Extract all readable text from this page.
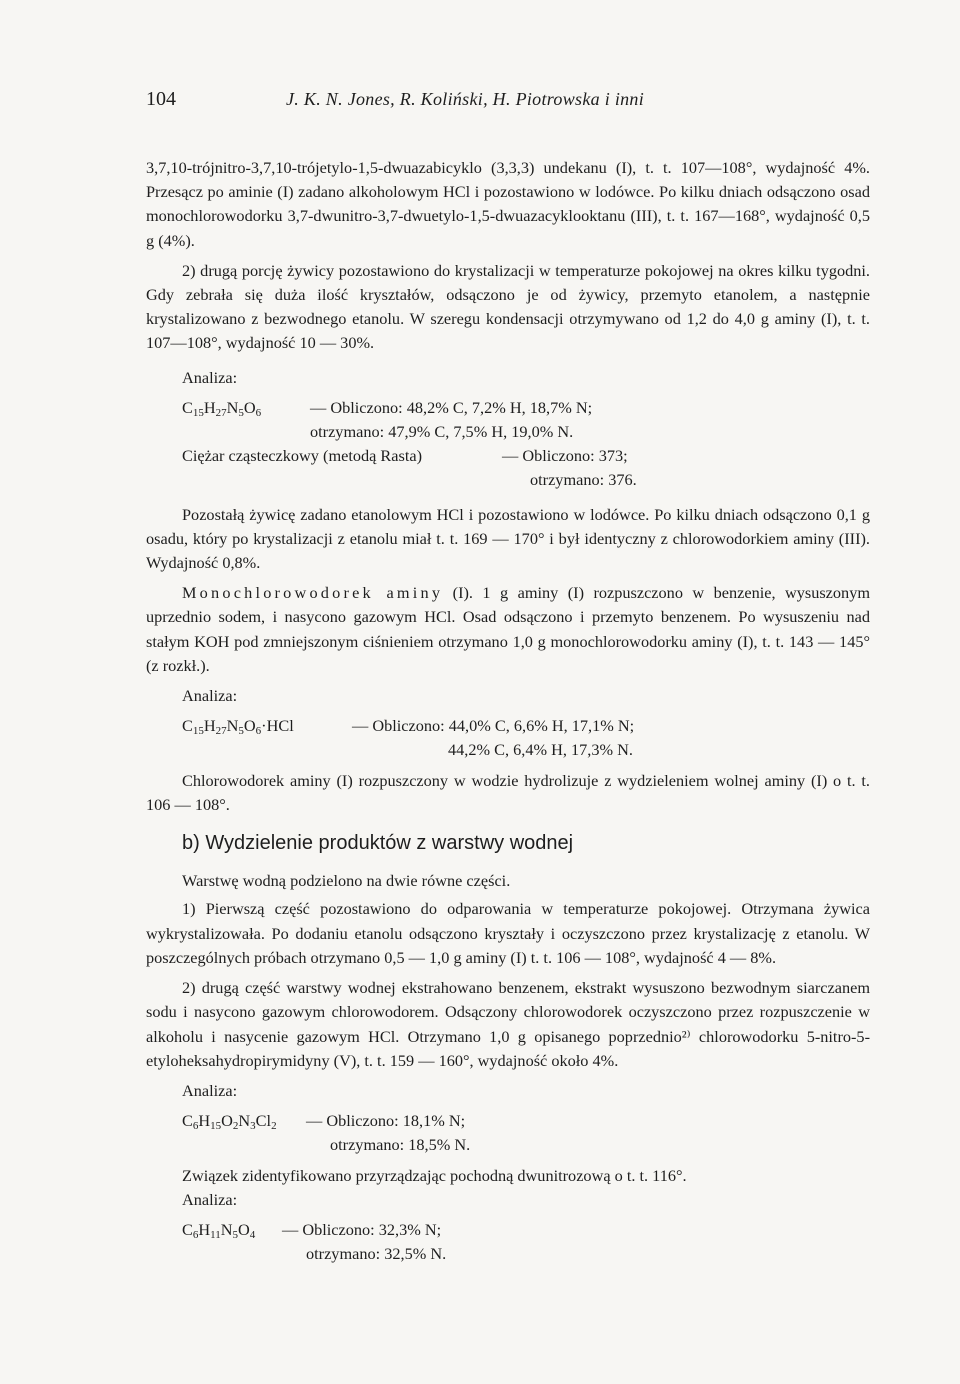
104	J. K. N. Jones, R. Koliński, H. Piotrowska i inni

3,7,10-trójnitro-3,7,10-trójetylo-1,5-dwuazabicyklo (3,3,3) undekanu (I), t. t. 107—108°, wydajność 4%. Przesącz po aminie (I) zadano alkoholowym HCl i pozostawiono w lodówce. Po kilku dniach odsączono osad monochlorowodorku 3,7-dwunitro-3,7-dwuetylo-1,5-dwuazacyklooktanu (III), t. t. 167—168°, wydajność 0,5 g (4%).

2) drugą porcję żywicy pozostawiono do krystalizacji w temperaturze pokojowej na okres kilku tygodni. Gdy zebrała się duża ilość kryształów, odsączono je od żywicy, przemyto etanolem, a następnie krystalizowano z bezwodnego etanolu. W szeregu kondensacji otrzymywano od 1,2 do 4,0 g aminy (I), t. t. 107—108°, wydajność 10 — 30%.

Analiza:
$C_{15}H_{27}N_5O_6$	— Obliczono: 48,2% C, 7,2% H, 18,7% N;
otrzymano: 47,9% C, 7,5% H, 19,0% N.
Ciężar cząsteczkowy (metodą Rasta)	— Obliczono: 373;
otrzymano: 376.

Pozostałą żywicę zadano etanolowym HCl i pozostawiono w lodówce. Po kilku dniach odsączono 0,1 g osadu, który po krystalizacji z etanolu miał t. t. 169 — 170° i był identyczny z chlorowodorkiem aminy (III). Wydajność 0,8%.

Monochlorowodorek aminy (I). 1 g aminy (I) rozpuszczono w benzenie, wysuszonym uprzednio sodem, i nasycono gazowym HCl. Osad odsączono i przemyto benzenem. Po wysuszeniu nad stałym KOH pod zmniejszonym ciśnieniem otrzymano 1,0 g monochlorowodorku aminy (I), t. t. 143 — 145° (z rozkł.).

Analiza:
$C_{15}H_{27}N_5O_6\cdot HCl$	— Obliczono: 44,0% C, 6,6% H, 17,1% N;
44,2% C, 6,4% H, 17,3% N.

Chlorowodorek aminy (I) rozpuszczony w wodzie hydrolizuje z wydzieleniem wolnej aminy (I) o t. t. 106 — 108°.

b) Wydzielenie produktów z warstwy wodnej

Warstwę wodną podzielono na dwie równe części.

1) Pierwszą część pozostawiono do odparowania w temperaturze pokojowej. Otrzymana żywica wykrystalizowała. Po dodaniu etanolu odsączono kryształy i oczyszczono przez krystalizację z etanolu. W poszczególnych próbach otrzymano 0,5 — 1,0 g aminy (I) t. t. 106 — 108°, wydajność 4 — 8%.

2) drugą część warstwy wodnej ekstrahowano benzenem, ekstrakt wysuszono bezwodnym siarczanem sodu i nasycono gazowym chlorowodorem. Odsączony chlorowodorek oczyszczono przez rozpuszczenie w alkoholu i nasycenie gazowym HCl. Otrzymano 1,0 g opisanego poprzednio²⁾ chlorowodorku 5-nitro-5-etyloheksahydropirymidyny (V), t. t. 159 — 160°, wydajność około 4%.

Analiza:
$C_6H_{15}O_2N_3Cl_2$	— Obliczono: 18,1% N;
otrzymano: 18,5% N.

Związek zidentyfikowano przyrządzając pochodną dwunitrozową o t. t. 116°.

Analiza:
$C_6H_{11}N_5O_4$	— Obliczono: 32,3% N;
otrzymano: 32,5% N.
